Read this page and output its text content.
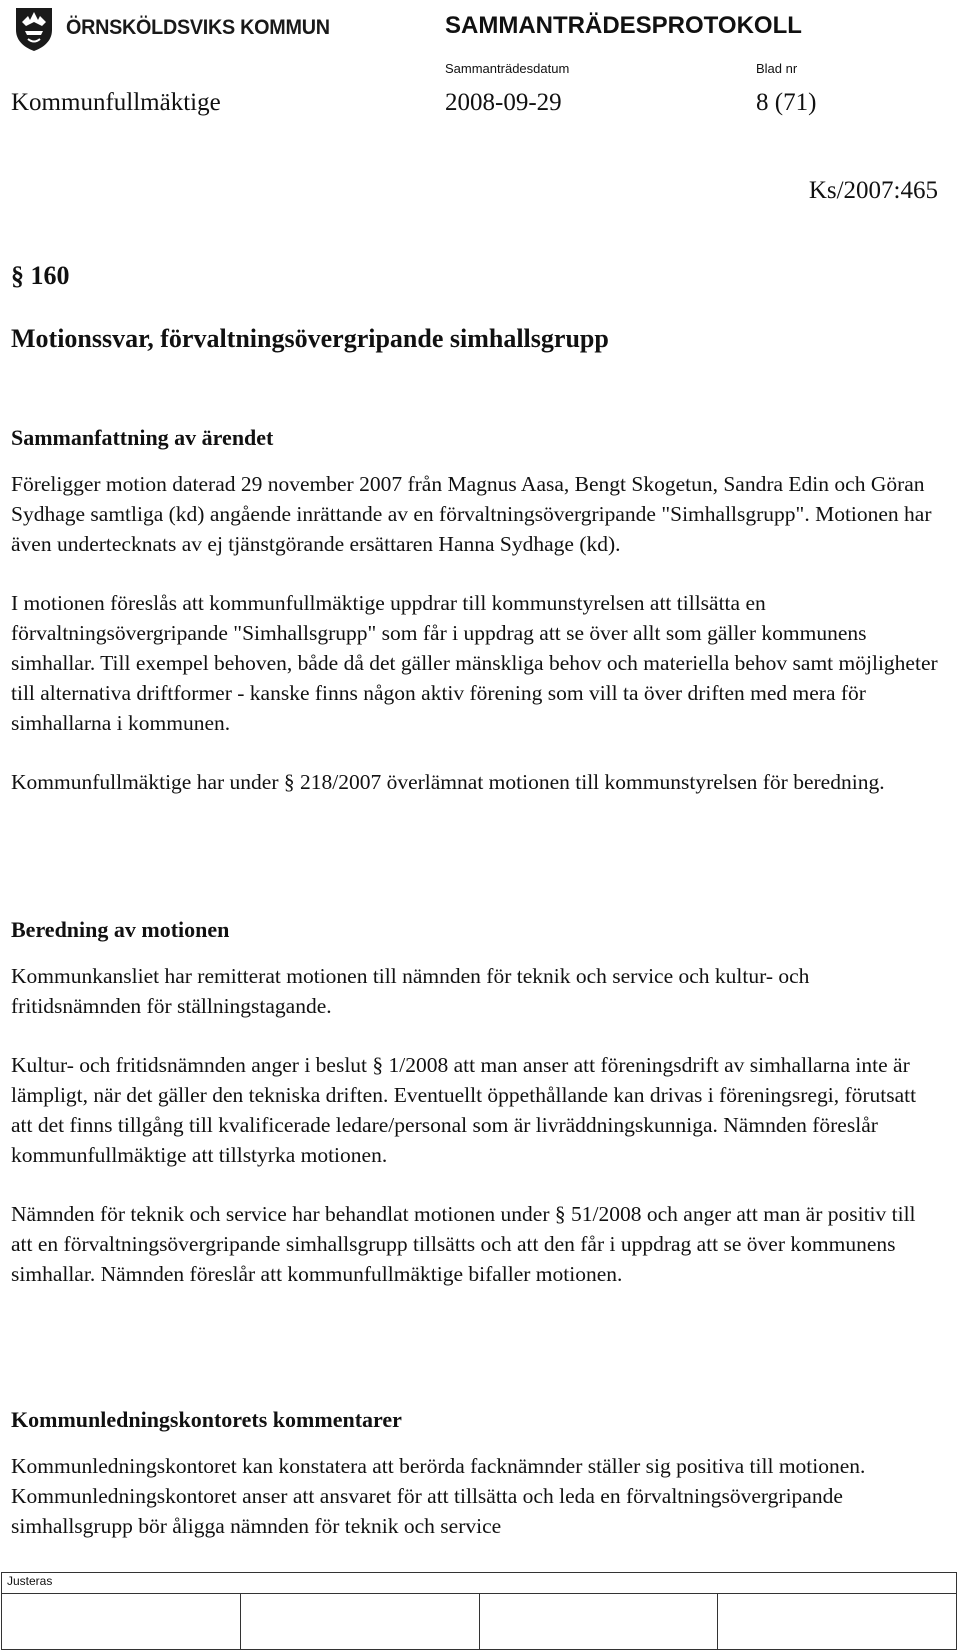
ÖRNSKÖLDSVIKS KOMMUN	SAMMANTRÄDESPROTOKOLL
Sammanträdesdatum	Blad nr
Kommunfullmäktige	2008-09-29	8 (71)
Ks/2007:465
§ 160
Motionssvar, förvaltningsövergripande simhallsgrupp
Sammanfattning av ärendet

Föreligger motion daterad 29 november 2007 från Magnus Aasa, Bengt Skogetun, Sandra Edin och Göran Sydhage samtliga (kd) angående inrättande av en förvaltningsövergripande "Simhallsgrupp". Motionen har även undertecknats av ej tjänstgörande ersättaren Hanna Sydhage (kd).

I motionen föreslås att kommunfullmäktige uppdrar till kommunstyrelsen att tillsätta en förvaltningsövergripande "Simhallsgrupp" som får i uppdrag att se över allt som gäller kommunens simhallar. Till exempel behoven, både då det gäller mänskliga behov och materiella behov samt möjligheter till alternativa driftformer - kanske finns någon aktiv förening som vill ta över driften med mera för simhallarna i kommunen.

Kommunfullmäktige har under § 218/2007 överlämnat motionen till kommunstyrelsen för beredning.

Beredning av motionen

Kommunkansliet har remitterat motionen till nämnden för teknik och service och kultur- och fritidsnämnden för ställningstagande.

Kultur- och fritidsnämnden anger i beslut § 1/2008 att man anser att föreningsdrift av simhallarna inte är lämpligt, när det gäller den tekniska driften. Eventuellt öppethållande kan drivas i föreningsregi, förutsatt att det finns tillgång till kvalificerade ledare/personal som är livräddningskunniga. Nämnden föreslår kommunfullmäktige att tillstyrka motionen.

Nämnden för teknik och service har behandlat motionen under § 51/2008 och anger att man är positiv till att en förvaltningsövergripande simhallsgrupp tillsätts och att den får i uppdrag att se över kommunens simhallar. Nämnden föreslår att kommunfullmäktige bifaller motionen.

Kommunledningskontorets kommentarer

Kommunledningskontoret kan konstatera att berörda facknämnder ställer sig positiva till motionen. Kommunledningskontoret anser att ansvaret för att tillsätta och leda en förvaltningsövergripande simhallsgrupp bör åligga nämnden för teknik och service

Justeras
